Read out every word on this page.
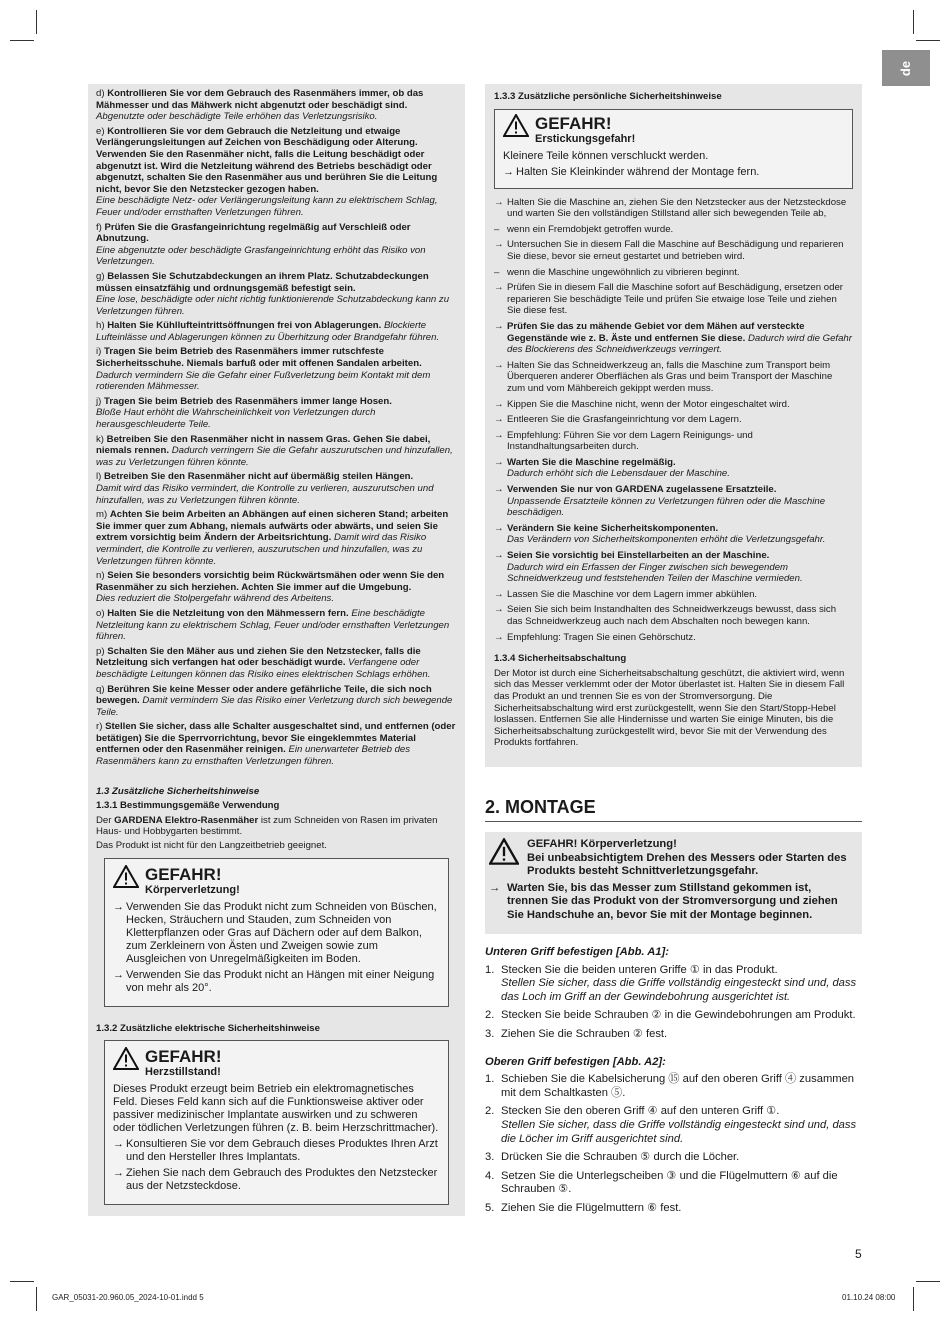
de
d) Kontrollieren Sie vor dem Gebrauch des Rasenmähers immer, ob das Mähmesser und das Mähwerk nicht abgenutzt oder beschädigt sind.
Abgenutzte oder beschädigte Teile erhöhen das Verletzungsrisiko.
e) Kontrollieren Sie vor dem Gebrauch die Netzleitung und etwaige Verlängerungsleitungen auf Zeichen von Beschädigung oder Alterung. Verwenden Sie den Rasenmäher nicht, falls die Leitung beschädigt oder abgenutzt ist. Wird die Netzleitung während des Betriebs beschädigt oder abgenutzt, schalten Sie den Rasenmäher aus und berühren Sie die Leitung nicht, bevor Sie den Netzstecker gezogen haben.
Eine beschädigte Netz- oder Verlängerungsleitung kann zu elektrischem Schlag, Feuer und/oder ernsthaften Verletzungen führen.
f) Prüfen Sie die Grasfangeinrichtung regelmäßig auf Verschleiß oder Abnutzung.
Eine abgenutzte oder beschädigte Grasfangeinrichtung erhöht das Risiko von Verletzungen.
g) Belassen Sie Schutzabdeckungen an ihrem Platz. Schutzabdeckungen müssen einsatzfähig und ordnungsgemäß befestigt sein.
Eine lose, beschädigte oder nicht richtig funktionierende Schutzabdeckung kann zu Verletzungen führen.
h) Halten Sie Kühllufteintrittsöffnungen frei von Ablagerungen. Blockierte Lufteinlässe und Ablagerungen können zu Überhitzung oder Brandgefahr führen.
i) Tragen Sie beim Betrieb des Rasenmähers immer rutschfeste Sicherheitsschuhe. Niemals barfuß oder mit offenen Sandalen arbeiten.
Dadurch vermindern Sie die Gefahr einer Fußverletzung beim Kontakt mit dem rotierenden Mähmesser.
j) Tragen Sie beim Betrieb des Rasenmähers immer lange Hosen.
Bloße Haut erhöht die Wahrscheinlichkeit von Verletzungen durch herausgeschleuderte Teile.
k) Betreiben Sie den Rasenmäher nicht in nassem Gras. Gehen Sie dabei, niemals rennen. Dadurch verringern Sie die Gefahr auszurutschen und hinzufallen, was zu Verletzungen führen könnte.
l) Betreiben Sie den Rasenmäher nicht auf übermäßig steilen Hängen.
Damit wird das Risiko vermindert, die Kontrolle zu verlieren, auszurutschen und hinzufallen, was zu Verletzungen führen könnte.
m) Achten Sie beim Arbeiten an Abhängen auf einen sicheren Stand; arbeiten Sie immer quer zum Abhang, niemals aufwärts oder abwärts, und seien Sie extrem vorsichtig beim Ändern der Arbeitsrichtung. Damit wird das Risiko vermindert, die Kontrolle zu verlieren, auszurutschen und hinzufallen, was zu Verletzungen führen könnte.
n) Seien Sie besonders vorsichtig beim Rückwärtsmähen oder wenn Sie den Rasenmäher zu sich herziehen. Achten Sie immer auf die Umgebung.
Dies reduziert die Stolpergefahr während des Arbeitens.
o) Halten Sie die Netzleitung von den Mähmessern fern. Eine beschädigte Netzleitung kann zu elektrischem Schlag, Feuer und/oder ernsthaften Verletzungen führen.
p) Schalten Sie den Mäher aus und ziehen Sie den Netzstecker, falls die Netzleitung sich verfangen hat oder beschädigt wurde. Verfangene oder beschädigte Leitungen können das Risiko eines elektrischen Schlags erhöhen.
q) Berühren Sie keine Messer oder andere gefährliche Teile, die sich noch bewegen. Damit vermindern Sie das Risiko einer Verletzung durch sich bewegende Teile.
r) Stellen Sie sicher, dass alle Schalter ausgeschaltet sind, und entfernen (oder betätigen) Sie die Sperrvorrichtung, bevor Sie eingeklemmtes Material entfernen oder den Rasenmäher reinigen. Ein unerwarteter Betrieb des Rasenmähers kann zu ernsthaften Verletzungen führen.
1.3 Zusätzliche Sicherheitshinweise
1.3.1 Bestimmungsgemäße Verwendung
Der GARDENA Elektro-Rasenmäher ist zum Schneiden von Rasen im privaten Haus- und Hobbygarten bestimmt.
Das Produkt ist nicht für den Langzeitbetrieb geeignet.
GEFAHR!
Körperverletzung!
→ Verwenden Sie das Produkt nicht zum Schneiden von Büschen, Hecken, Sträuchern und Stauden, zum Schneiden von Kletterpflanzen oder Gras auf Dächern oder auf dem Balkon, zum Zerkleinern von Ästen und Zweigen sowie zum Ausgleichen von Unregelmäßigkeiten im Boden.
→ Verwenden Sie das Produkt nicht an Hängen mit einer Neigung von mehr als 20°.
1.3.2 Zusätzliche elektrische Sicherheitshinweise
GEFAHR!
Herzstillstand!
Dieses Produkt erzeugt beim Betrieb ein elektromagnetisches Feld. Dieses Feld kann sich auf die Funktionsweise aktiver oder passiver medizinischer Implantate auswirken und zu schweren oder tödlichen Verletzungen führen (z. B. beim Herzschrittmacher).
→ Konsultieren Sie vor dem Gebrauch dieses Produktes Ihren Arzt und den Hersteller Ihres Implantats.
→ Ziehen Sie nach dem Gebrauch des Produktes den Netzstecker aus der Netzsteckdose.
1.3.3 Zusätzliche persönliche Sicherheitshinweise
GEFAHR!
Erstickungsgefahr!
Kleinere Teile können verschluckt werden.
→ Halten Sie Kleinkinder während der Montage fern.
→ Halten Sie die Maschine an, ziehen Sie den Netzstecker aus der Netzsteckdose und warten Sie den vollständigen Stillstand aller sich bewegenden Teile ab,
– wenn ein Fremdobjekt getroffen wurde.
→ Untersuchen Sie in diesem Fall die Maschine auf Beschädigung und reparieren Sie diese, bevor sie erneut gestartet und betrieben wird.
– wenn die Maschine ungewöhnlich zu vibrieren beginnt.
→ Prüfen Sie in diesem Fall die Maschine sofort auf Beschädigung, ersetzen oder reparieren Sie beschädigte Teile und prüfen Sie etwaige lose Teile und ziehen Sie diese fest.
→ Prüfen Sie das zu mähende Gebiet vor dem Mähen auf versteckte Gegenstände wie z. B. Äste und entfernen Sie diese. Dadurch wird die Gefahr des Blockierens des Schneidwerkzeugs verringert.
→ Halten Sie das Schneidwerkzeug an, falls die Maschine zum Transport beim Überqueren anderer Oberflächen als Gras und beim Transport der Maschine zum und vom Mähbereich gekippt werden muss.
→ Kippen Sie die Maschine nicht, wenn der Motor eingeschaltet wird.
→ Entleeren Sie die Grasfangeinrichtung vor dem Lagern.
→ Empfehlung: Führen Sie vor dem Lagern Reinigungs- und Instandhaltungsarbeiten durch.
→ Warten Sie die Maschine regelmäßig.
Dadurch erhöht sich die Lebensdauer der Maschine.
→ Verwenden Sie nur von GARDENA zugelassene Ersatzteile.
Unpassende Ersatzteile können zu Verletzungen führen oder die Maschine beschädigen.
→ Verändern Sie keine Sicherheitskomponenten.
Das Verändern von Sicherheitskomponenten erhöht die Verletzungsgefahr.
→ Seien Sie vorsichtig bei Einstellarbeiten an der Maschine.
Dadurch wird ein Erfassen der Finger zwischen sich bewegendem Schneidwerkzeug und feststehenden Teilen der Maschine vermieden.
→ Lassen Sie die Maschine vor dem Lagern immer abkühlen.
→ Seien Sie sich beim Instandhalten des Schneidwerkzeugs bewusst, dass sich das Schneidwerkzeug auch nach dem Abschalten noch bewegen kann.
→ Empfehlung: Tragen Sie einen Gehörschutz.
1.3.4 Sicherheitsabschaltung
Der Motor ist durch eine Sicherheitsabschaltung geschützt, die aktiviert wird, wenn sich das Messer verklemmt oder der Motor überlastet ist. Halten Sie in diesem Fall das Produkt an und trennen Sie es von der Stromversorgung. Die Sicherheitsabschaltung wird erst zurückgestellt, wenn Sie den Start/Stopp-Hebel loslassen. Entfernen Sie alle Hindernisse und warten Sie einige Minuten, bis die Sicherheitsabschaltung zurückgestellt wird, bevor Sie mit der Verwendung des Produkts fortfahren.
2. MONTAGE
GEFAHR! Körperverletzung!
Bei unbeabsichtigtem Drehen des Messers oder Starten des Produkts besteht Schnittverletzungsgefahr.
→ Warten Sie, bis das Messer zum Stillstand gekommen ist, trennen Sie das Produkt von der Stromversorgung und ziehen Sie Handschuhe an, bevor Sie mit der Montage beginnen.
Unteren Griff befestigen [Abb. A1]:
1. Stecken Sie die beiden unteren Griffe ① in das Produkt.
Stellen Sie sicher, dass die Griffe vollständig eingesteckt sind und, dass das Loch im Griff an der Gewindebohrung ausgerichtet ist.
2. Stecken Sie beide Schrauben ② in die Gewindebohrungen am Produkt.
3. Ziehen Sie die Schrauben ② fest.
Oberen Griff befestigen [Abb. A2]:
1. Schieben Sie die Kabelsicherung ⑮ auf den oberen Griff ④ zusammen mit dem Schaltkasten ⑤.
2. Stecken Sie den oberen Griff ④ auf den unteren Griff ①.
Stellen Sie sicher, dass die Griffe vollständig eingesteckt sind und, dass die Löcher im Griff ausgerichtet sind.
3. Drücken Sie die Schrauben ⑤ durch die Löcher.
4. Setzen Sie die Unterlegscheiben ③ und die Flügelmuttern ⑥ auf die Schrauben ⑤.
5. Ziehen Sie die Flügelmuttern ⑥ fest.
5
GAR_05031-20.960.05_2024-10-01.indd 5	01.10.24 08:00
